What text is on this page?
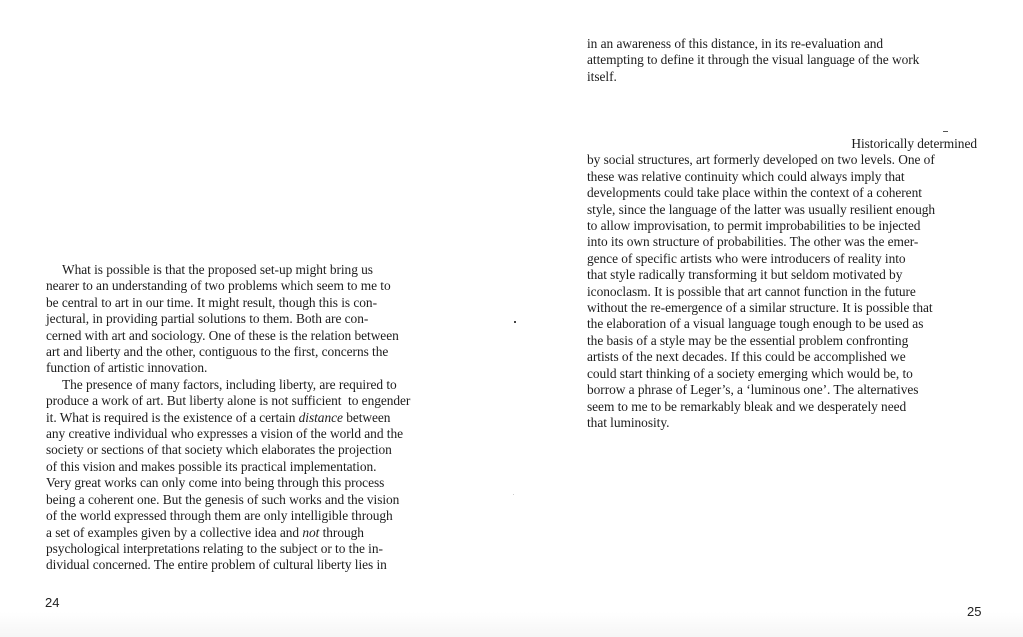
What is possible is that the proposed set-up might bring us
nearer to an understanding of two problems which seem to me to
be central to art in our time. It might result, though this is con-
jectural, in providing partial solutions to them. Both are con-
cerned with art and sociology. One of these is the relation between
art and liberty and the other, contiguous to the first, concerns the
function of artistic innovation.
The presence of many factors, including liberty, are required to
produce a work of art. But liberty alone is not sufficient  to engender
it. What is required is the existence of a certain distance between
any creative individual who expresses a vision of the world and the
society or sections of that society which elaborates the projection
of this vision and makes possible its practical implementation.
Very great works can only come into being through this process
being a coherent one. But the genesis of such works and the vision
of the world expressed through them are only intelligible through
a set of examples given by a collective idea and not through
psychological interpretations relating to the subject or to the in-
dividual concerned. The entire problem of cultural liberty lies in
24
in an awareness of this distance, in its re-evaluation and
attempting to define it through the visual language of the work
itself.
Historically determined
by social structures, art formerly developed on two levels. One of
these was relative continuity which could always imply that
developments could take place within the context of a coherent
style, since the language of the latter was usually resilient enough
to allow improvisation, to permit improbabilities to be injected
into its own structure of probabilities. The other was the emer-
gence of specific artists who were introducers of reality into
that style radically transforming it but seldom motivated by
iconoclasm. It is possible that art cannot function in the future
without the re-emergence of a similar structure. It is possible that
the elaboration of a visual language tough enough to be used as
the basis of a style may be the essential problem confronting
artists of the next decades. If this could be accomplished we
could start thinking of a society emerging which would be, to
borrow a phrase of Leger’s, a ‘luminous one’. The alternatives
seem to me to be remarkably bleak and we desperately need
that luminosity.
25
